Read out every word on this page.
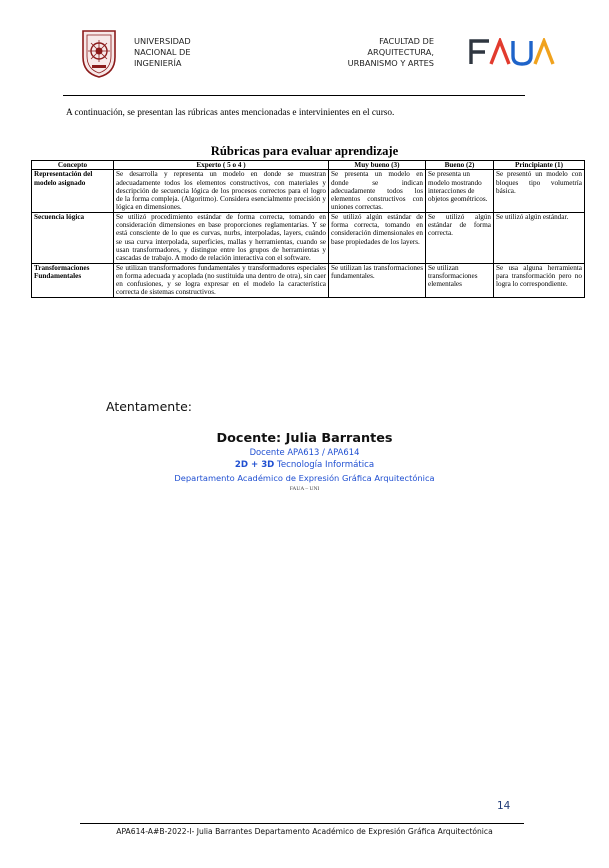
UNIVERSIDAD
NACIONAL DE
INGENIERÍA
FACULTAD DE
ARQUITECTURA,
URBANISMO Y ARTES
A continuación, se presentan las rúbricas antes mencionadas e intervinientes en el curso.
Rúbricas para evaluar aprendizaje
Concepto	Experto ( 5 o 4 )	Muy bueno (3)	Bueno (2)	Principiante (1)
Representación del modelo asignado	Se desarrolla y representa un modelo en donde se muestran adecuadamente todos los elementos constructivos, con materiales y descripción de secuencia lógica de los procesos correctos para el logro de la forma compleja. (Algoritmo). Considera esencialmente precisión y lógica en dimensiones.	Se presenta un modelo en donde se indican adecuadamente todos los elementos constructivos con uniones correctas.	Se presenta un modelo mostrando interacciones de objetos geométricos.	Se presentó un modelo con bloques tipo volumetría básica.
Secuencia lógica	Se utilizó procedimiento estándar de forma correcta, tomando en consideración dimensiones en base proporciones reglamentarias. Y se está consciente de lo que es curvas, nurbs, interpoladas, layers, cuándo se usa curva interpolada, superficies, mallas y herramientas, cuando se usan transformadores, y distingue entre los grupos de herramientas y cascadas de trabajo. A modo de relación interactiva con el software.	Se utilizó algún estándar de forma correcta, tomando en consideración dimensionales en base propiedades de los layers.	Se utilizó algún estándar de forma correcta.	Se utilizó algún estándar.
Transformaciones Fundamentales	Se utilizan transformadores fundamentales y transformadores especiales en forma adecuada y acoplada (no sustituida una dentro de otra), sin caer en confusiones, y se logra expresar en el modelo la característica correcta de sistemas constructivos.	Se utilizan las transformaciones fundamentales.	Se utilizan transformaciones elementales	Se usa alguna herramienta para transformación pero no logra lo correspondiente.
Atentamente:
Docente: Julia Barrantes
Docente APA613 / APA614
2D + 3D Tecnología Informática
Departamento Académico de Expresión Gráfica Arquitectónica
FAUA – UNI
14
APA614-A#B-2022-I- Julia Barrantes Departamento Académico de Expresión Gráfica Arquitectónica
